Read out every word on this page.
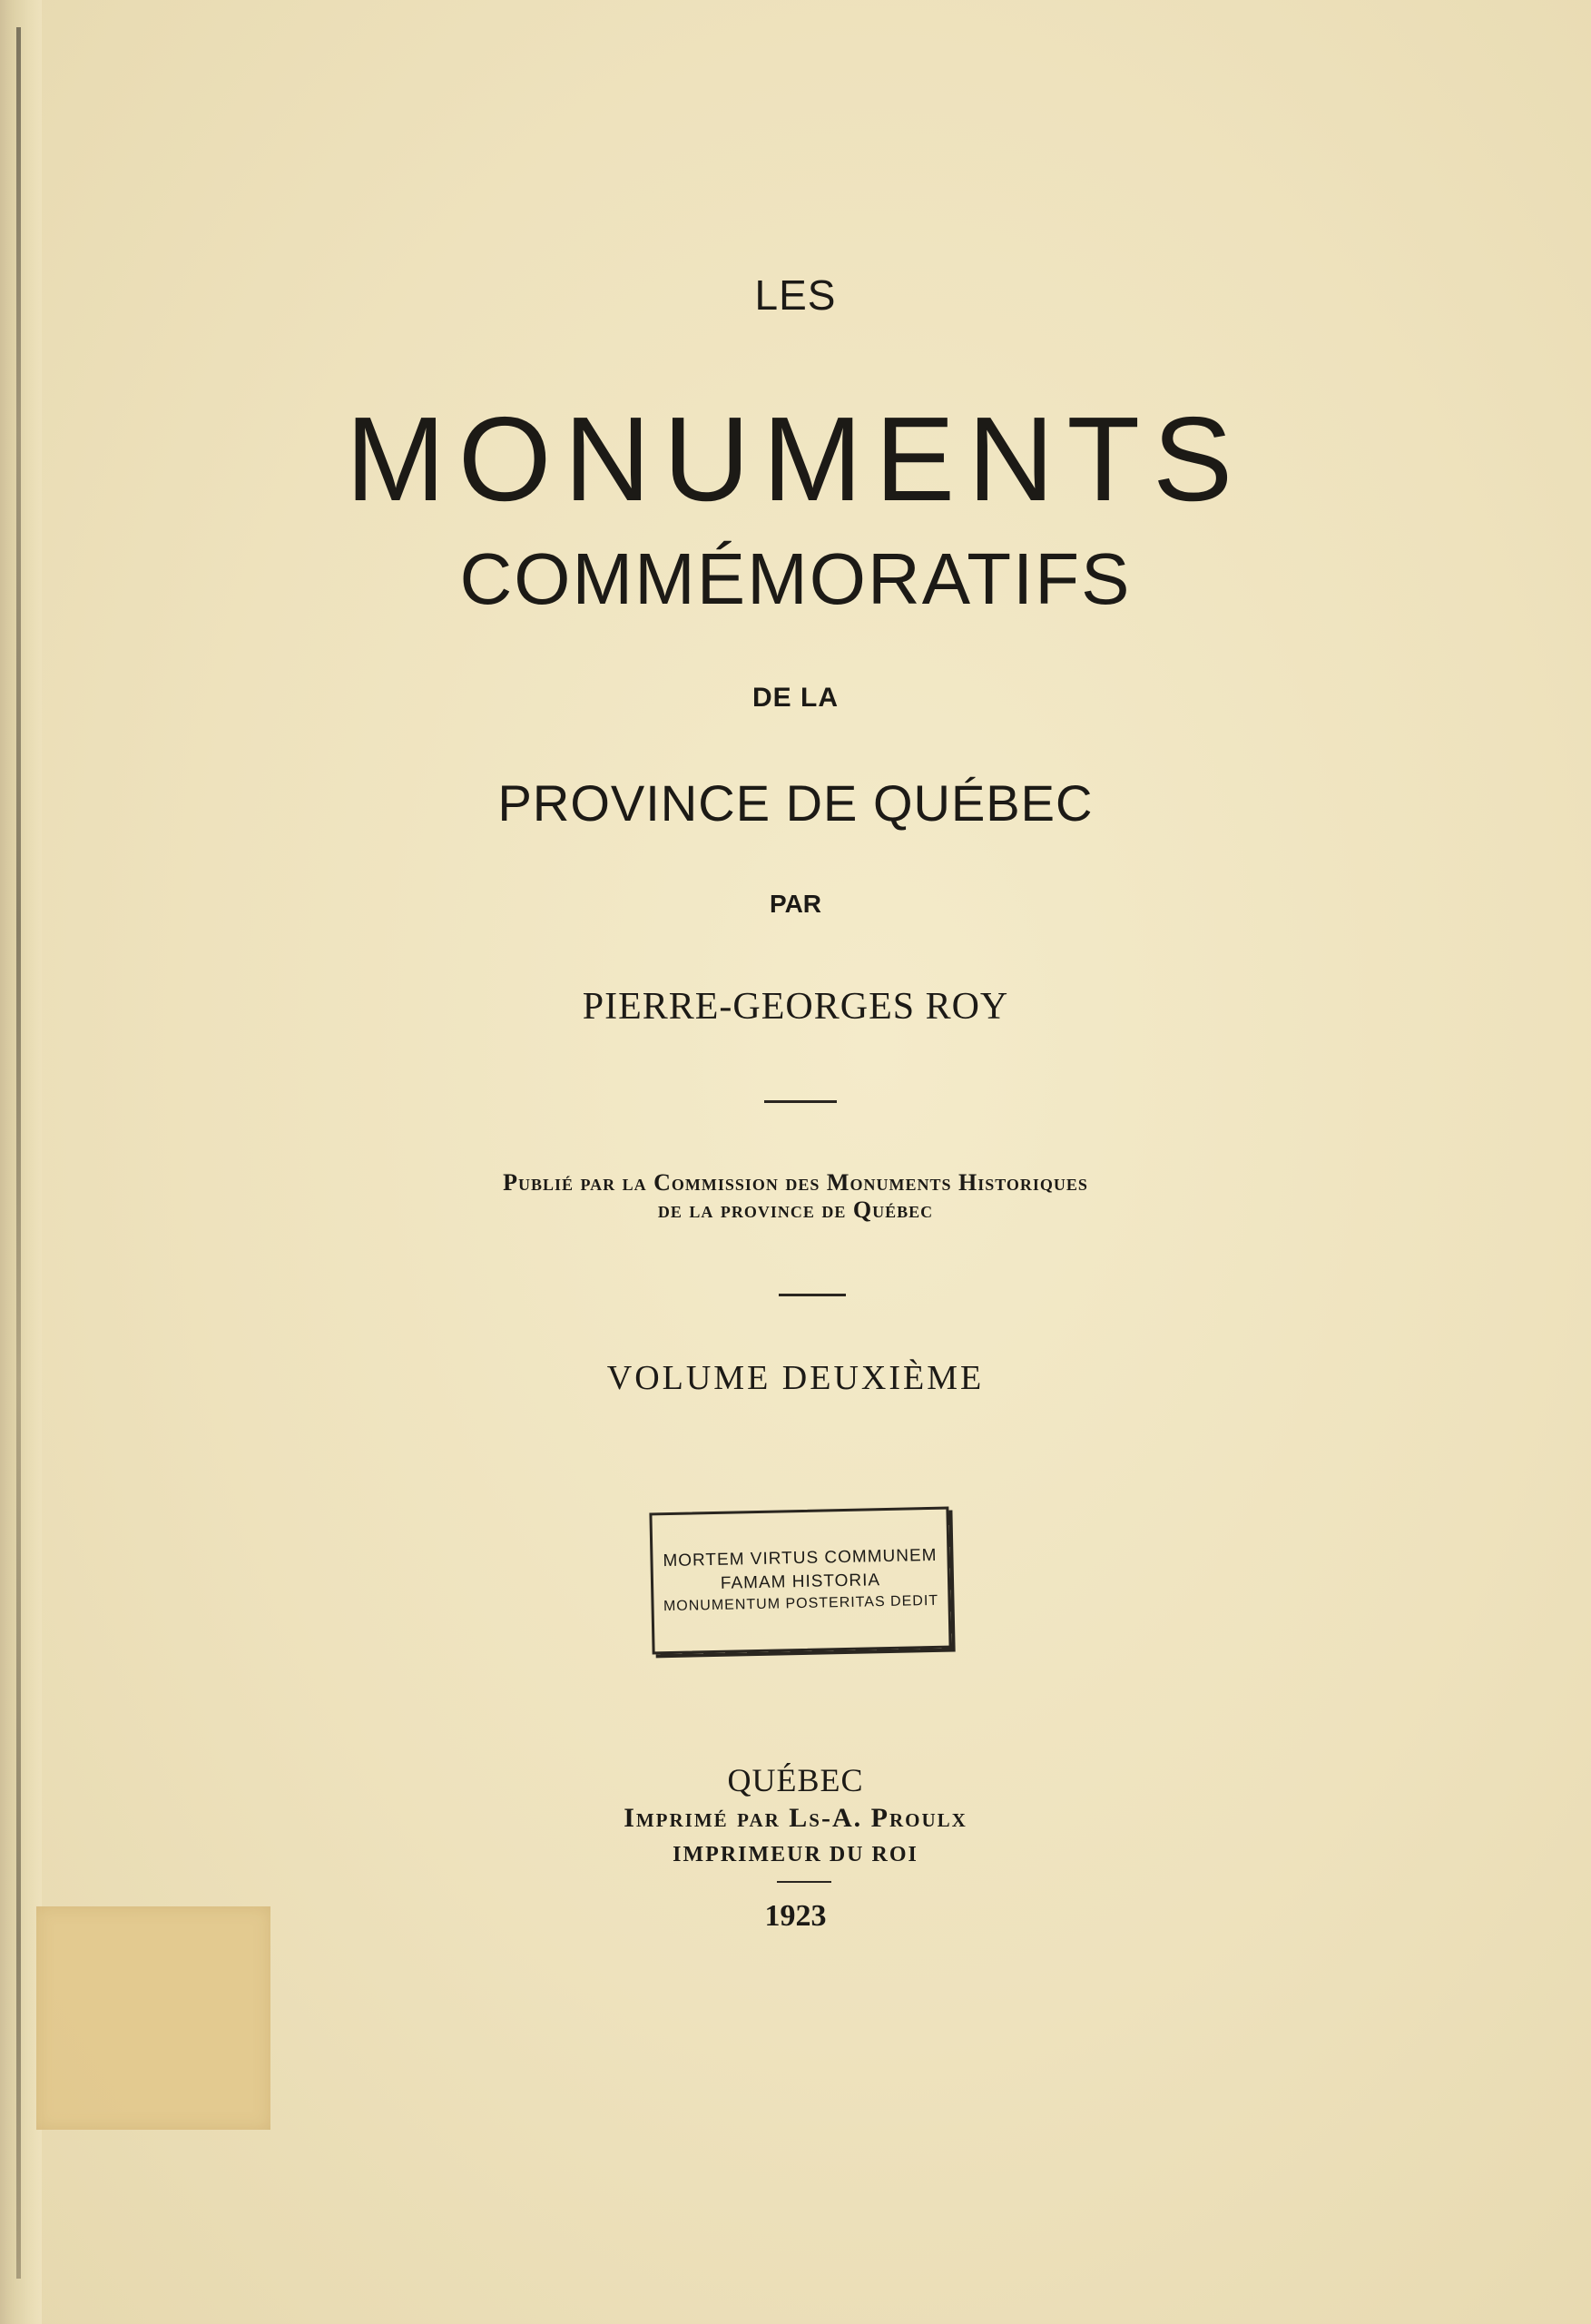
LES
MONUMENTS
COMMÉMORATIFS
DE LA
PROVINCE DE QUÉBEC
PAR
PIERRE-GEORGES ROY
Publié par la Commission des Monuments Historiques
de la province de Québec
VOLUME DEUXIÈME
MORTEM VIRTUS COMMUNEM
FAMAM HISTORIA
MONUMENTUM POSTERITAS DEDIT
QUÉBEC
Imprimé par Ls-A. Proulx
IMPRIMEUR DU ROI
1923
